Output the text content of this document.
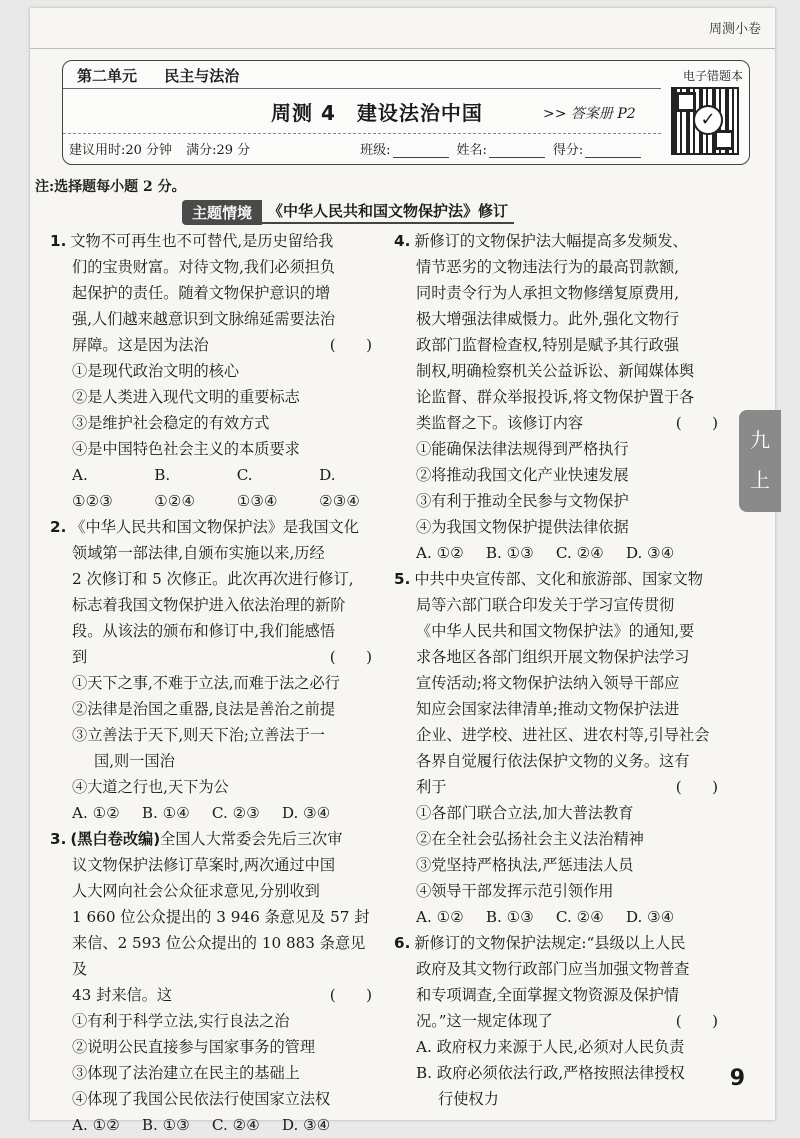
周测小卷
第二单元 民主与法治
周测 4　建设法治中国	>> 答案册 P2
建议用时:20 分钟 满分:29 分	班级:	姓名:	得分:
电子错题本
✓
注:选择题每小题 2 分。
主题情境	《中华人民共和国文物保护法》修订
1. 文物不可再生也不可替代,是历史留给我
们的宝贵财富。对待文物,我们必须担负
起保护的责任。随着文物保护意识的增
强,人们越来越意识到文脉绵延需要法治
屏障。这是因为法治	(　　)
①是现代政治文明的核心
②是人类进入现代文明的重要标志
③是维护社会稳定的有效方式
④是中国特色社会主义的本质要求
A. ①②③
B. ①②④
C. ①③④
D. ②③④
2. 《中华人民共和国文物保护法》是我国文化
领域第一部法律,自颁布实施以来,历经
2 次修订和 5 次修正。此次再次进行修订,
标志着我国文物保护进入依法治理的新阶
段。从该法的颁布和修订中,我们能感悟
到	(　　)
①天下之事,不难于立法,而难于法之必行
②法律是治国之重器,良法是善治之前提
③立善法于天下,则天下治;立善法于一
国,则一国治
④大道之行也,天下为公
A. ①② B. ①④ C. ②③ D. ③④
3. (黑白卷改编)全国人大常委会先后三次审
议文物保护法修订草案时,两次通过中国
人大网向社会公众征求意见,分别收到
1 660 位公众提出的 3 946 条意见及 57 封
来信、2 593 位公众提出的 10 883 条意见及
43 封来信。这	(　　)
①有利于科学立法,实行良法之治
②说明公民直接参与国家事务的管理
③体现了法治建立在民主的基础上
④体现了我国公民依法行使国家立法权
A. ①② B. ①③ C. ②④ D. ③④
4. 新修订的文物保护法大幅提高多发频发、
情节恶劣的文物违法行为的最高罚款额,
同时责令行为人承担文物修缮复原费用,
极大增强法律威慑力。此外,强化文物行
政部门监督检查权,特别是赋予其行政强
制权,明确检察机关公益诉讼、新闻媒体舆
论监督、群众举报投诉,将文物保护置于各
类监督之下。该修订内容	(　　)
①能确保法律法规得到严格执行
②将推动我国文化产业快速发展
③有利于推动全民参与文物保护
④为我国文物保护提供法律依据
A. ①② B. ①③ C. ②④ D. ③④
5. 中共中央宣传部、文化和旅游部、国家文物
局等六部门联合印发关于学习宣传贯彻
《中华人民共和国文物保护法》的通知,要
求各地区各部门组织开展文物保护法学习
宣传活动;将文物保护法纳入领导干部应
知应会国家法律清单;推动文物保护法进
企业、进学校、进社区、进农村等,引导社会
各界自觉履行依法保护文物的义务。这有
利于	(　　)
①各部门联合立法,加大普法教育
②在全社会弘扬社会主义法治精神
③党坚持严格执法,严惩违法人员
④领导干部发挥示范引领作用
A. ①② B. ①③ C. ②④ D. ③④
6. 新修订的文物保护法规定:“县级以上人民
政府及其文物行政部门应当加强文物普查
和专项调查,全面掌握文物资源及保护情
况。”这一规定体现了	(　　)
A. 政府权力来源于人民,必须对人民负责
B. 政府必须依法行政,严格按照法律授权
行使权力
九
上
9
